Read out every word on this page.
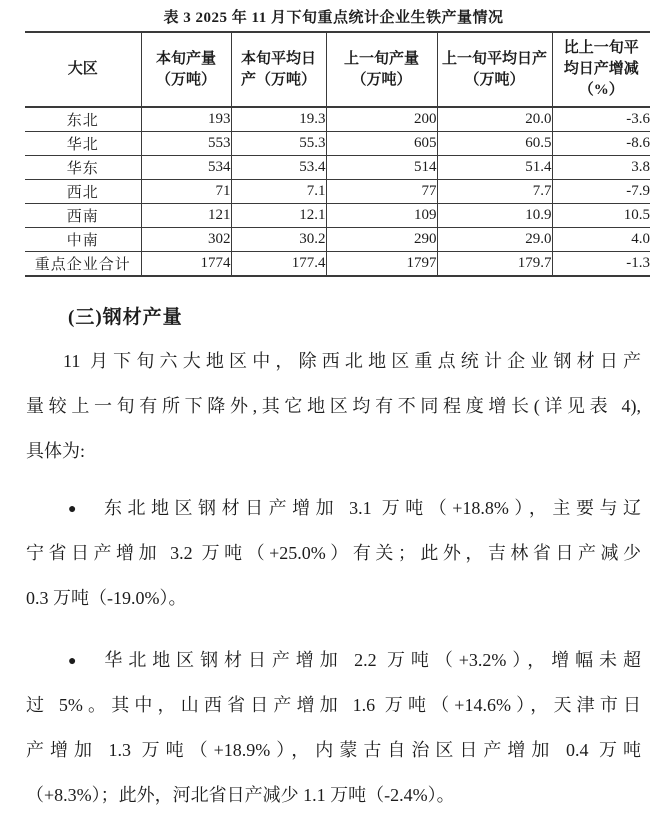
表 3 2025 年 11 月下旬重点统计企业生铁产量情况
大区	本旬产量（万吨）	本旬平均日产（万吨）	上一旬产量（万吨）	上一旬平均日产（万吨）	比上一旬平均日产增减（%）
东北	193	19.3	200	20.0	-3.6
华北	553	55.3	605	60.5	-8.6
华东	534	53.4	514	51.4	3.8
西北	71	7.1	77	7.7	-7.9
西南	121	12.1	109	10.9	10.5
中南	302	30.2	290	29.0	4.0
重点企业合计	1774	177.4	1797	179.7	-1.3
(三)钢材产量
11 月下旬六大地区中，除西北地区重点统计企业钢材日产
量较上一旬有所下降外,其它地区均有不同程度增长(详见表 4),
具体为:
● 东北地区钢材日产增加 3.1 万吨（+18.8%），主要与辽
宁省日产增加 3.2 万吨（+25.0%）有关；此外，吉林省日产减少
0.3 万吨（-19.0%）。
● 华北地区钢材日产增加 2.2 万吨（+3.2%），增幅未超
过 5%。其中，山西省日产增加 1.6 万吨（+14.6%），天津市日
产增加 1.3 万吨（+18.9%），内蒙古自治区日产增加 0.4 万吨
（+8.3%）；此外，河北省日产减少 1.1 万吨（-2.4%）。
